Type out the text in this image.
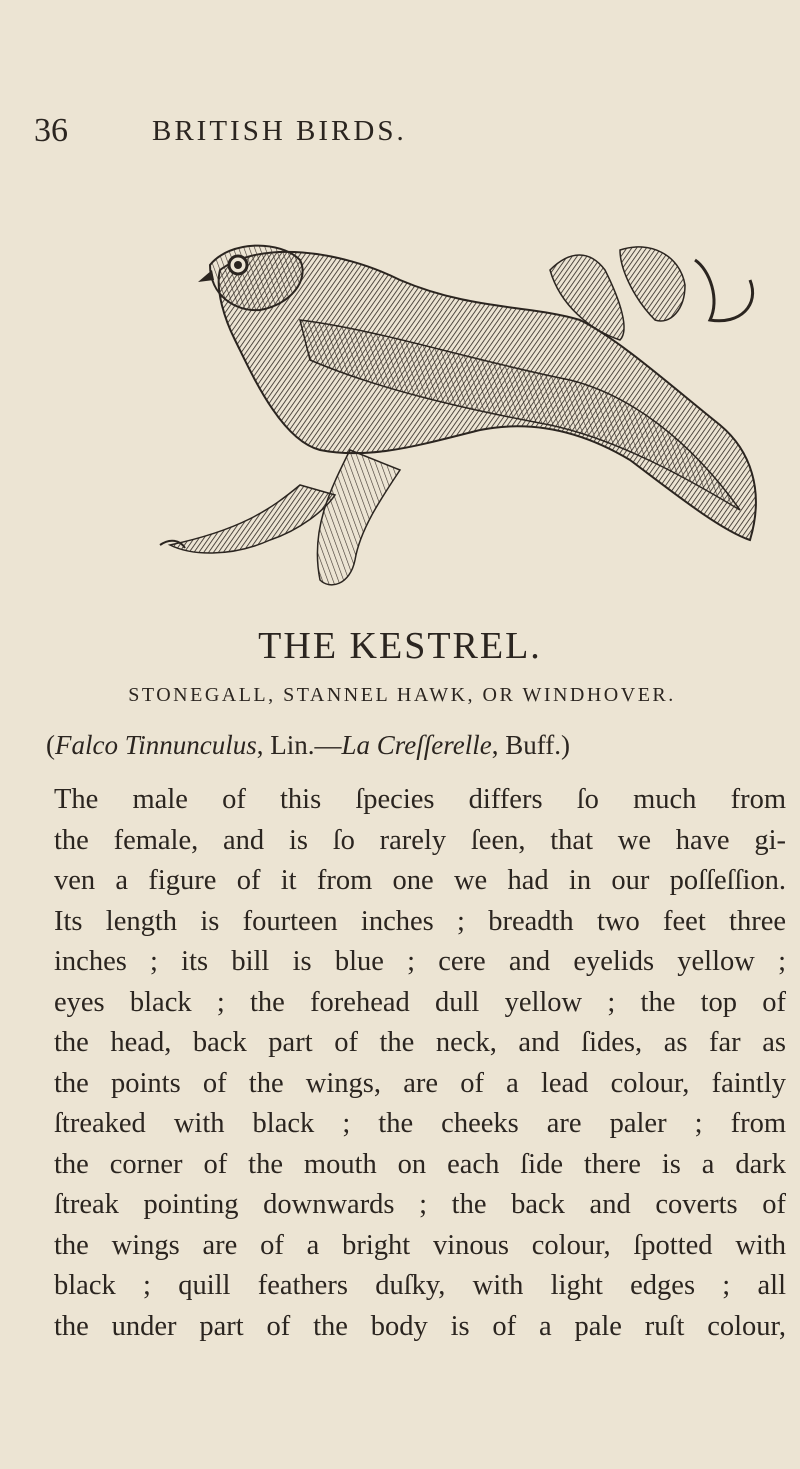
36	BRITISH BIRDS.
THE KESTREL.
STONEGALL, STANNEL HAWK, OR WINDHOVER.
(Falco Tinnunculus, Lin.—La Creſſerelle, Buff.)
The male of this ſpecies differs ſo much from
the female, and is ſo rarely ſeen, that we have gi-
ven a figure of it from one we had in our poſſeſſion.
Its length is fourteen inches ; breadth two feet three
inches ; its bill is blue ; cere and eyelids yellow ;
eyes black ; the forehead dull yellow ; the top of
the head, back part of the neck, and ſides, as far as
the points of the wings, are of a lead colour, faintly
ſtreaked with black ; the cheeks are paler ; from
the corner of the mouth on each ſide there is a dark
ſtreak pointing downwards ; the back and coverts of
the wings are of a bright vinous colour, ſpotted with
black ; quill feathers duſky, with light edges ; all
the under part of the body is of a pale ruſt colour,
